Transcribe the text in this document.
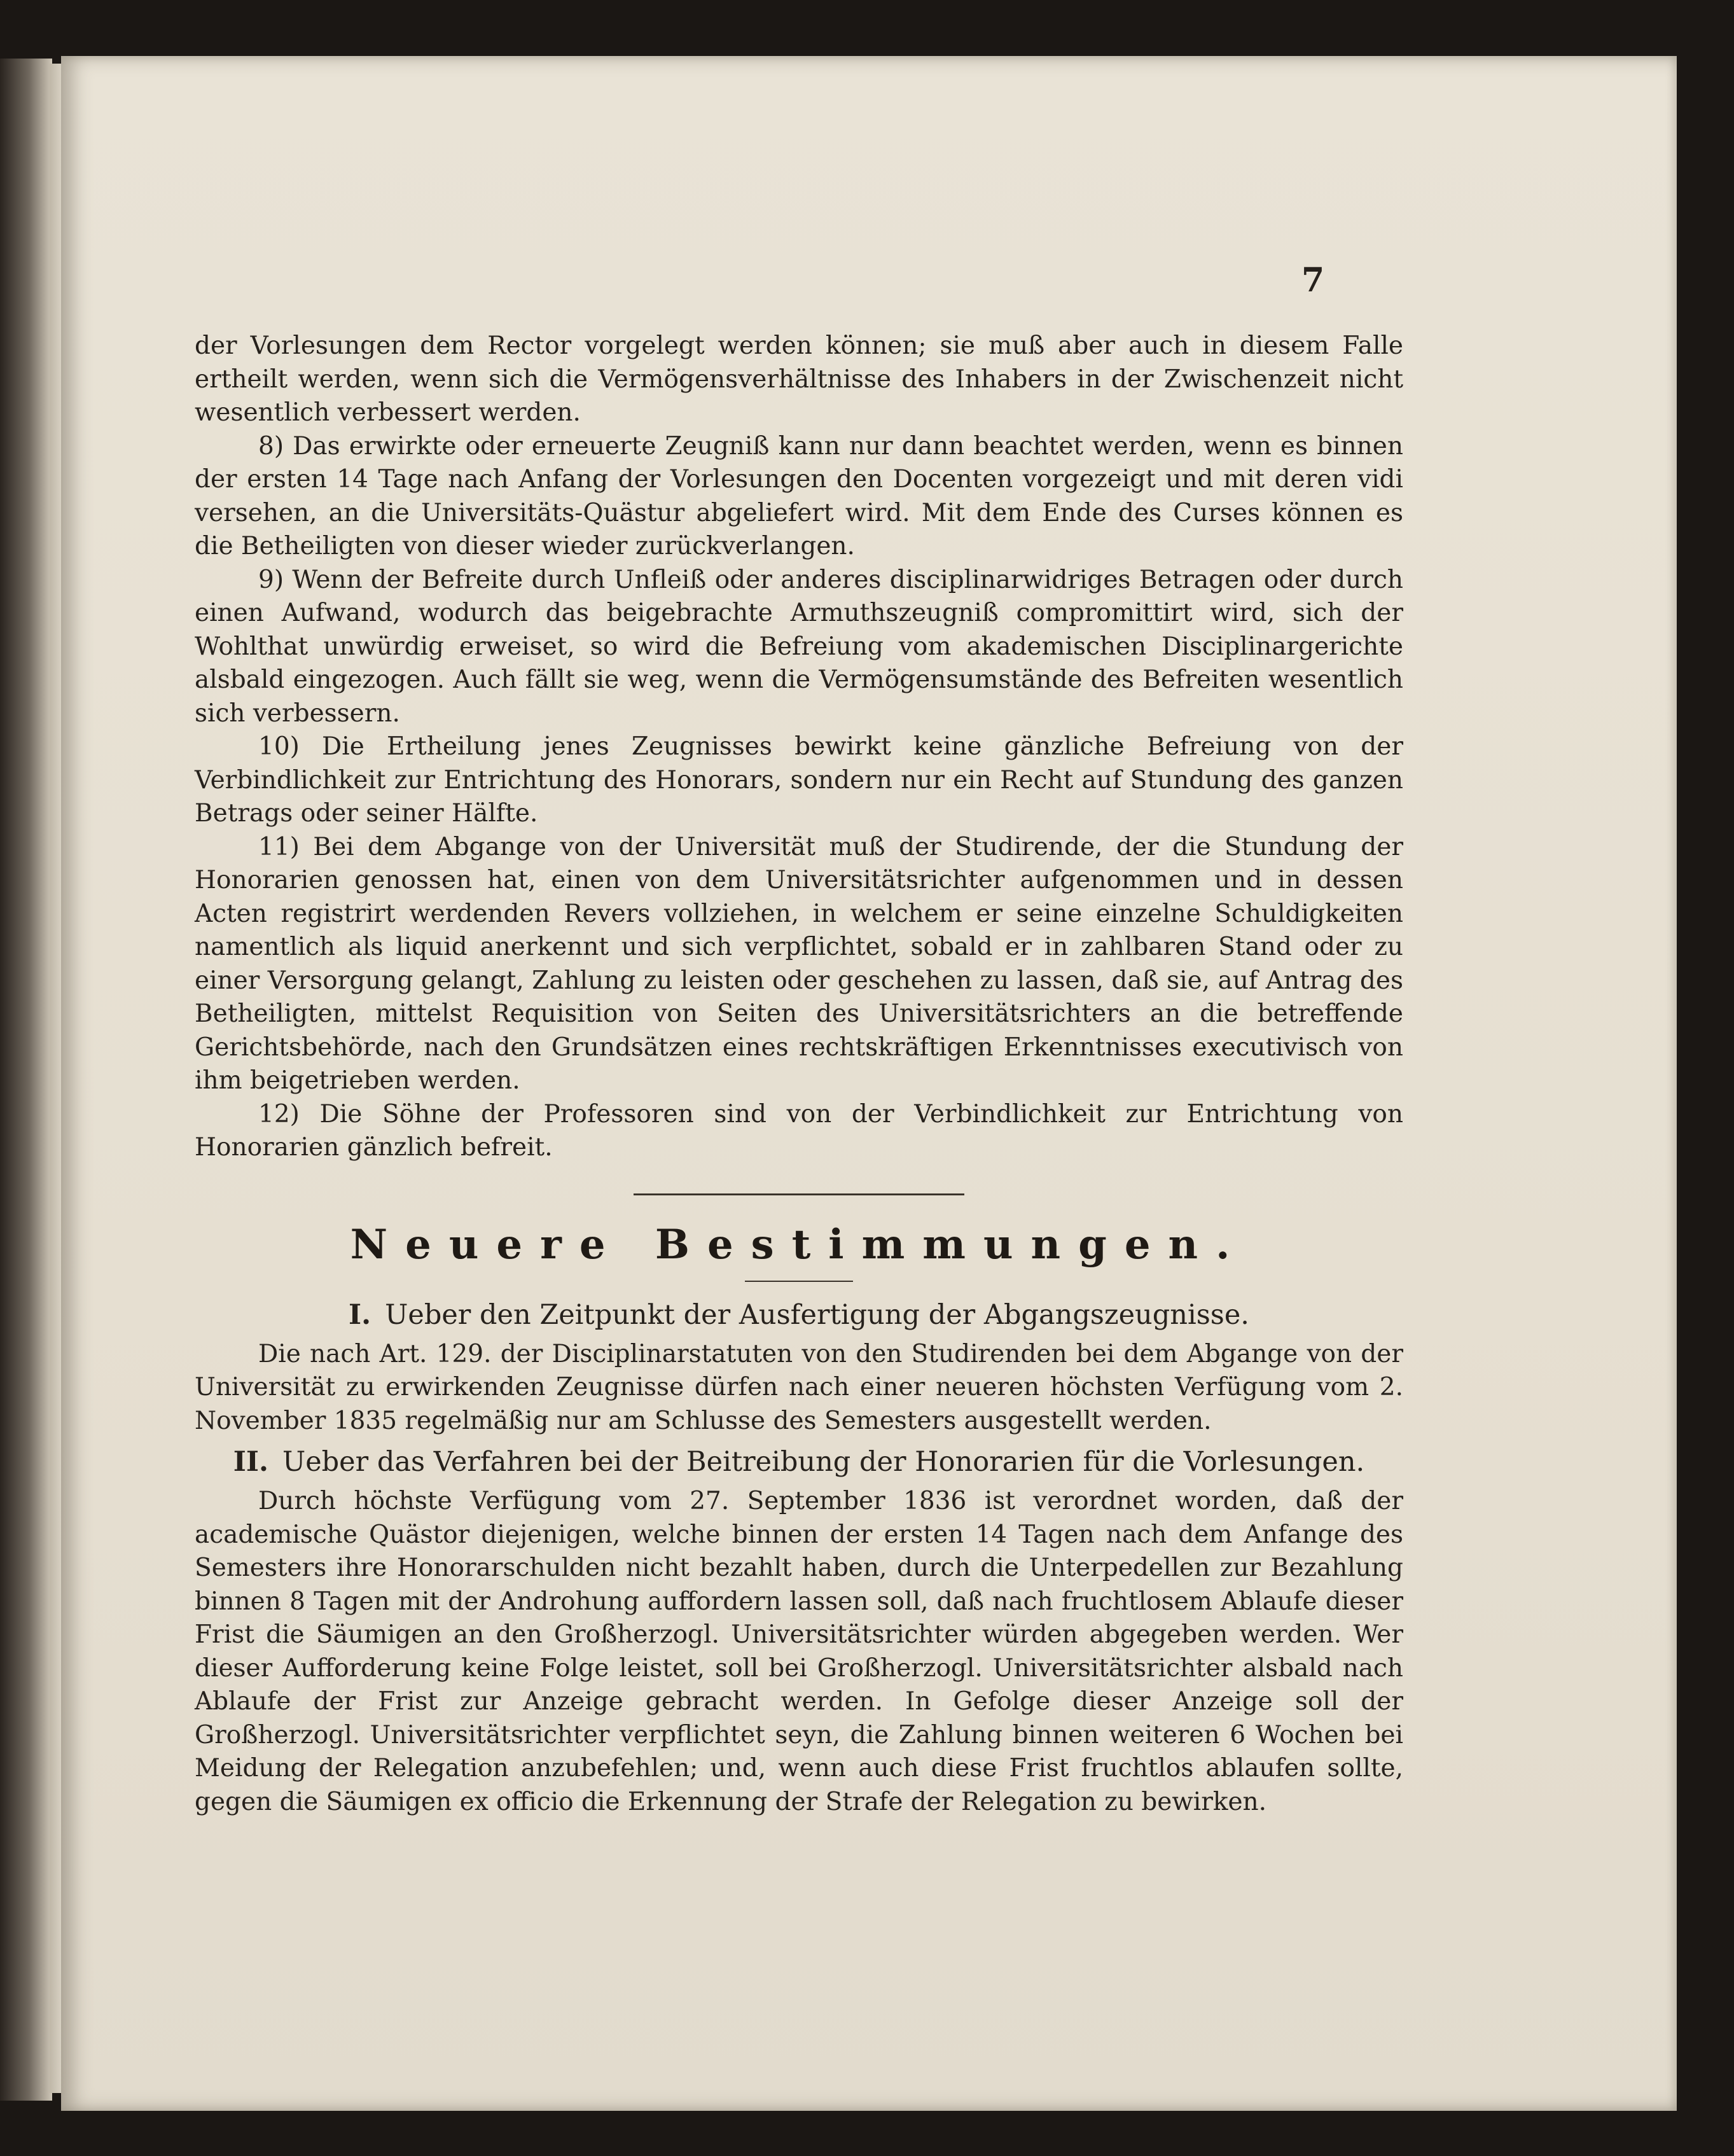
7

der Vorlesungen dem Rector vorgelegt werden können; sie muß aber auch in diesem Falle ertheilt werden, wenn sich die Vermögensverhältnisse des Inhabers in der Zwischenzeit nicht wesentlich verbessert werden.

8) Das erwirkte oder erneuerte Zeugniß kann nur dann beachtet werden, wenn es binnen der ersten 14 Tage nach Anfang der Vorlesungen den Docenten vorgezeigt und mit deren vidi versehen, an die Universitäts-Quästur abgeliefert wird. Mit dem Ende des Curses können es die Betheiligten von dieser wieder zurückverlangen.

9) Wenn der Befreite durch Unfleiß oder anderes disciplinarwidriges Betragen oder durch einen Aufwand, wodurch das beigebrachte Armuthszeugniß compromittirt wird, sich der Wohlthat unwürdig erweiset, so wird die Befreiung vom akademischen Disciplinargerichte alsbald eingezogen. Auch fällt sie weg, wenn die Vermögensumstände des Befreiten wesentlich sich verbessern.

10) Die Ertheilung jenes Zeugnisses bewirkt keine gänzliche Befreiung von der Verbindlichkeit zur Entrichtung des Honorars, sondern nur ein Recht auf Stundung des ganzen Betrags oder seiner Hälfte.

11) Bei dem Abgange von der Universität muß der Studirende, der die Stundung der Honorarien genossen hat, einen von dem Universitätsrichter aufgenommen und in dessen Acten registrirt werdenden Revers vollziehen, in welchem er seine einzelne Schuldigkeiten namentlich als liquid anerkennt und sich verpflichtet, sobald er in zahlbaren Stand oder zu einer Versorgung gelangt, Zahlung zu leisten oder geschehen zu lassen, daß sie, auf Antrag des Betheiligten, mittelst Requisition von Seiten des Universitätsrichters an die betreffende Gerichtsbehörde, nach den Grundsätzen eines rechtskräftigen Erkenntnisses executivisch von ihm beigetrieben werden.

12) Die Söhne der Professoren sind von der Verbindlichkeit zur Entrichtung von Honorarien gänzlich befreit.

Neuere Bestimmungen.
I. Ueber den Zeitpunkt der Ausfertigung der Abgangszeugnisse.

Die nach Art. 129. der Disciplinarstatuten von den Studirenden bei dem Abgange von der Universität zu erwirkenden Zeugnisse dürfen nach einer neueren höchsten Verfügung vom 2. November 1835 regelmäßig nur am Schlusse des Semesters ausgestellt werden.

II. Ueber das Verfahren bei der Beitreibung der Honorarien für die Vorlesungen.

Durch höchste Verfügung vom 27. September 1836 ist verordnet worden, daß der academische Quästor diejenigen, welche binnen der ersten 14 Tagen nach dem Anfange des Semesters ihre Honorarschulden nicht bezahlt haben, durch die Unterpedellen zur Bezahlung binnen 8 Tagen mit der Androhung auffordern lassen soll, daß nach fruchtlosem Ablaufe dieser Frist die Säumigen an den Großherzogl. Universitätsrichter würden abgegeben werden. Wer dieser Aufforderung keine Folge leistet, soll bei Großherzogl. Universitätsrichter alsbald nach Ablaufe der Frist zur Anzeige gebracht werden. In Gefolge dieser Anzeige soll der Großherzogl. Universitätsrichter verpflichtet seyn, die Zahlung binnen weiteren 6 Wochen bei Meidung der Relegation anzubefehlen; und, wenn auch diese Frist fruchtlos ablaufen sollte, gegen die Säumigen ex officio die Erkennung der Strafe der Relegation zu bewirken.
